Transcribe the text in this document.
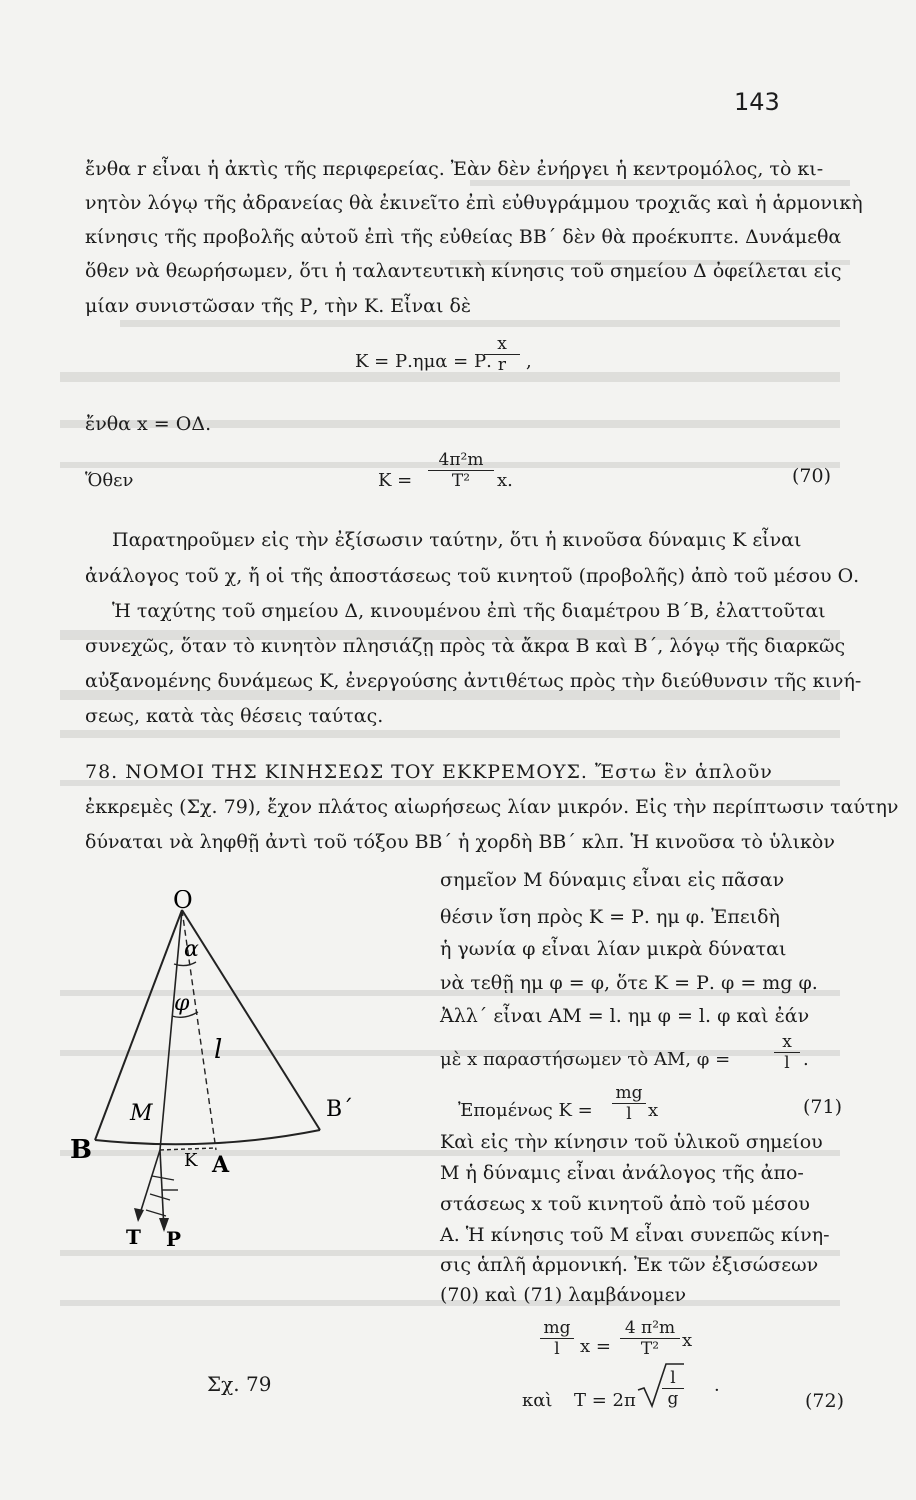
143
ἔνθα r εἶναι ἡ ἀκτὶς τῆς περιφερείας. Ἐὰν δὲν ἐνήργει ἡ κεντρομόλος, τὸ κι-
νητὸν λόγῳ τῆς ἀδρανείας θὰ ἐκινεῖτο ἐπὶ εὐθυγράμμου τροχιᾶς καὶ ἡ ἁρμονικὴ
κίνησις τῆς προβολῆς αὐτοῦ ἐπὶ τῆς εὐθείας ΒΒ΄ δὲν θὰ προέκυπτε. Δυνάμεθα
ὅθεν νὰ θεωρήσωμεν, ὅτι ἡ ταλαντευτικὴ κίνησις τοῦ σημείου Δ ὀφείλεται εἰς
μίαν συνιστῶσαν τῆς Ρ, τὴν Κ. Εἶναι δὲ
Κ = Ρ.ημα = Ρ.
$\frac{x}{r}$ ,
ἔνθα x = ΟΔ.
Ὅθεν	$K = \frac{\text{4π²m}}{\text{Τ²}} x$.	(70)
Παρατηροῦμεν εἰς τὴν ἐξίσωσιν ταύτην, ὅτι ἡ κινοῦσα δύναμις Κ εἶναι
ἀνάλογος τοῦ χ, ἤ οἱ τῆς ἀποστάσεως τοῦ κινητοῦ (προβολῆς) ἀπὸ τοῦ μέσου Ο.
Ἡ ταχύτης τοῦ σημείου Δ, κινουμένου ἐπὶ τῆς διαμέτρου Β΄Β, ἐλαττοῦται
συνεχῶς, ὅταν τὸ κινητὸν πλησιάζῃ πρὸς τὰ ἄκρα Β καὶ Β΄, λόγῳ τῆς διαρκῶς
αὐξανομένης δυνάμεως Κ, ἐνεργούσης ἀντιθέτως πρὸς τὴν διεύθυνσιν τῆς κινή-
σεως, κατὰ τὰς θέσεις ταύτας.
78. ΝΟΜΟΙ ΤΗΣ ΚΙΝΗΣΕΩΣ ΤΟΥ ΕΚΚΡΕΜΟΥΣ. Ἔστω ἓν ἁπλοῦν
ἐκκρεμὲς (Σχ. 79), ἔχον πλάτος αἰωρήσεως λίαν μικρόν. Εἰς τὴν περίπτωσιν ταύτην
δύναται νὰ ληφθῇ ἀντὶ τοῦ τόξου ΒΒ΄ ἡ χορδὴ ΒΒ΄ κλπ. Ἡ κινοῦσα τὸ ὑλικὸν
σημεῖον Μ δύναμις εἶναι εἰς πᾶσαν
θέσιν ἴση πρὸς Κ = Ρ. ημ φ. Ἐπειδὴ
ἡ γωνία φ εἶναι λίαν μικρὰ δύναται
νὰ τεθῇ ημ φ = φ, ὅτε Κ = Ρ. φ = mg φ.
Ἀλλ΄ εἶναι ΑΜ = l. ημ φ = l. φ καὶ ἐάν
μὲ x παραστήσωμεν τὸ ΑΜ, φ =	$\frac{x}{l}$ .
Ἐπομένως $K = \frac{mg}{l}$ x	(71)
Καὶ εἰς τὴν κίνησιν τοῦ ὑλικοῦ σημείου
Μ ἡ δύναμις εἶναι ἀνάλογος τῆς ἀπο-
στάσεως x τοῦ κινητοῦ ἀπὸ τοῦ μέσου
Α. Ἡ κίνησις τοῦ Μ εἶναι συνεπῶς κίνη-
σις ἁπλῆ ἁρμονική. Ἐκ τῶν ἐξισώσεων
(70) καὶ (71) λαμβάνομεν
$\frac{mg}{l}$ $x = \frac{\text{4 π²m}}{\text{Τ²}}$ x
καὶ $T = 2\pi \frac{l}{g}$ ·	(72)
O
α
φ
l
Β
Β΄
Μ
Κ Α
Τ Ρ
Σχ. 79
